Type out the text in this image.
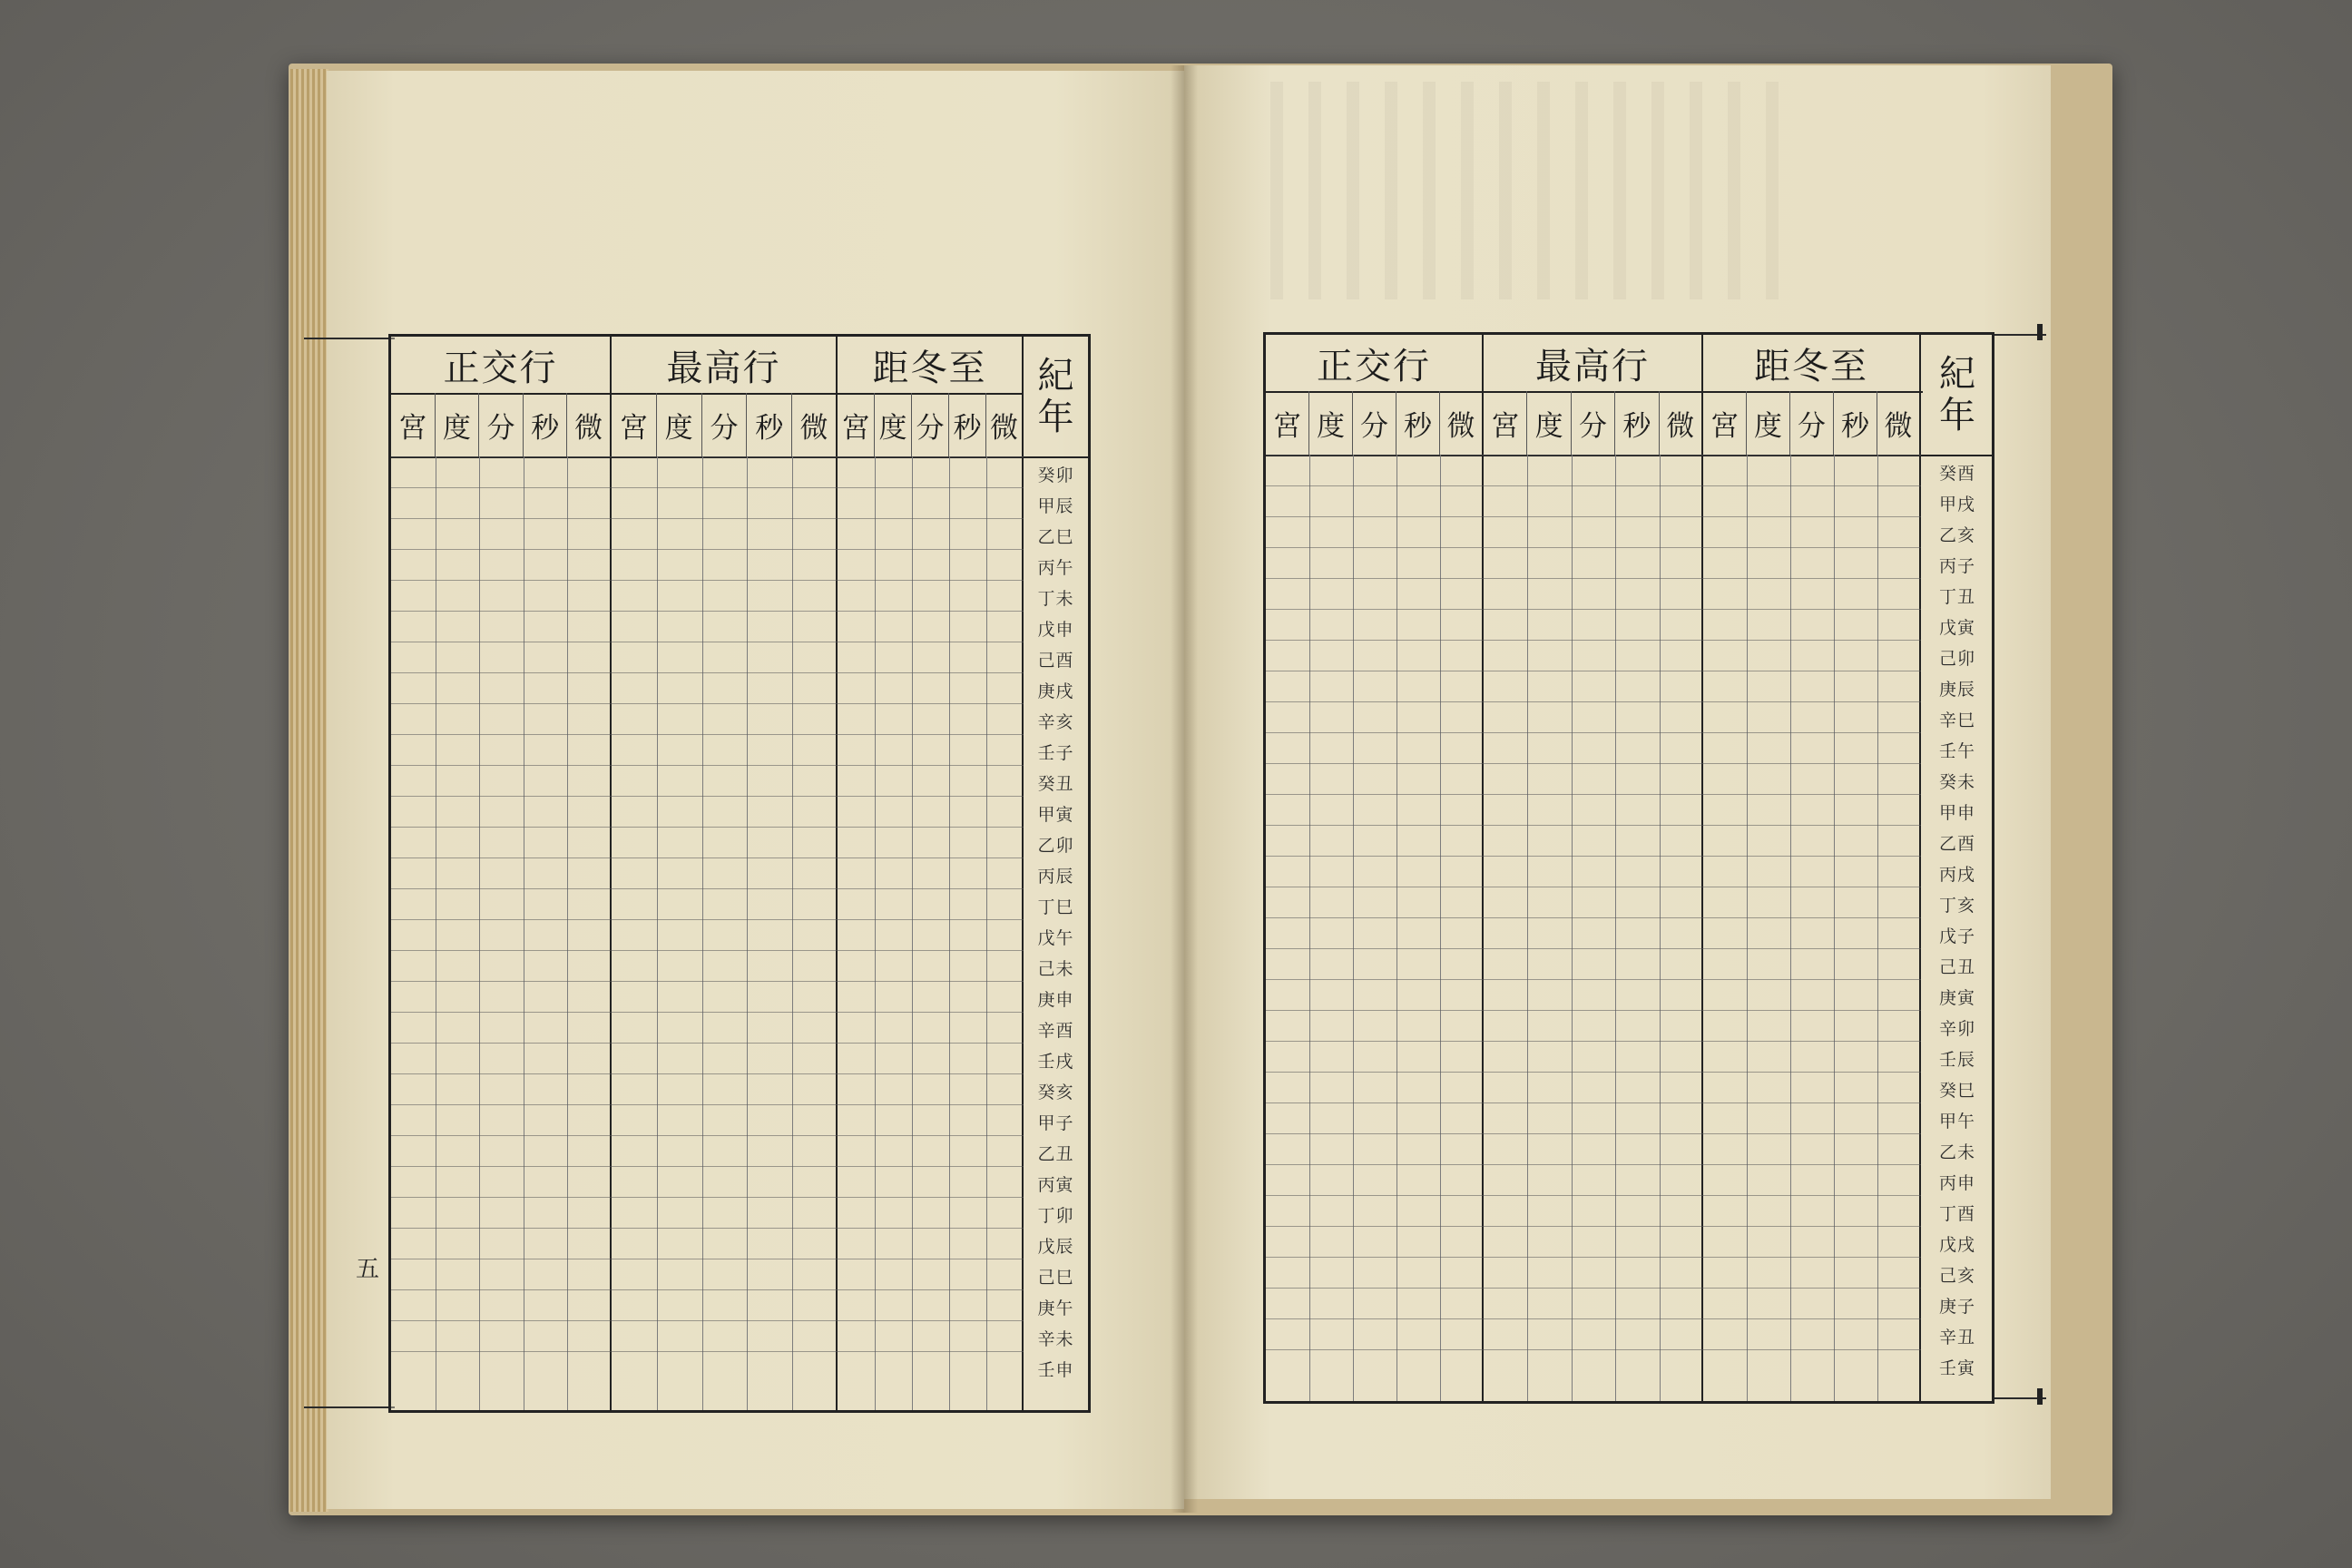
正交行	最高行	距冬至
宮 度 分 秒 微 宮 度 分 秒 微 宮 度 分 秒 微
紀
年
癸卯
甲辰
乙巳
丙午
丁未
戊申
己酉
庚戌
辛亥
壬子
癸丑
甲寅
乙卯
丙辰
丁巳
戊午
己未
庚申
辛酉
壬戌
癸亥
甲子
乙丑
丙寅
丁卯
戊辰
己巳
庚午
辛未
壬申
正交行	最高行	距冬至
宮 度 分 秒 微 宮 度 分 秒 微 宮 度 分 秒 微
紀
年
癸酉
甲戌
乙亥
丙子
丁丑
戊寅
己卯
庚辰
辛巳
壬午
癸未
甲申
乙酉
丙戌
丁亥
戊子
己丑
庚寅
辛卯
壬辰
癸巳
甲午
乙未
丙申
丁酉
戊戌
己亥
庚子
辛丑
壬寅
五
